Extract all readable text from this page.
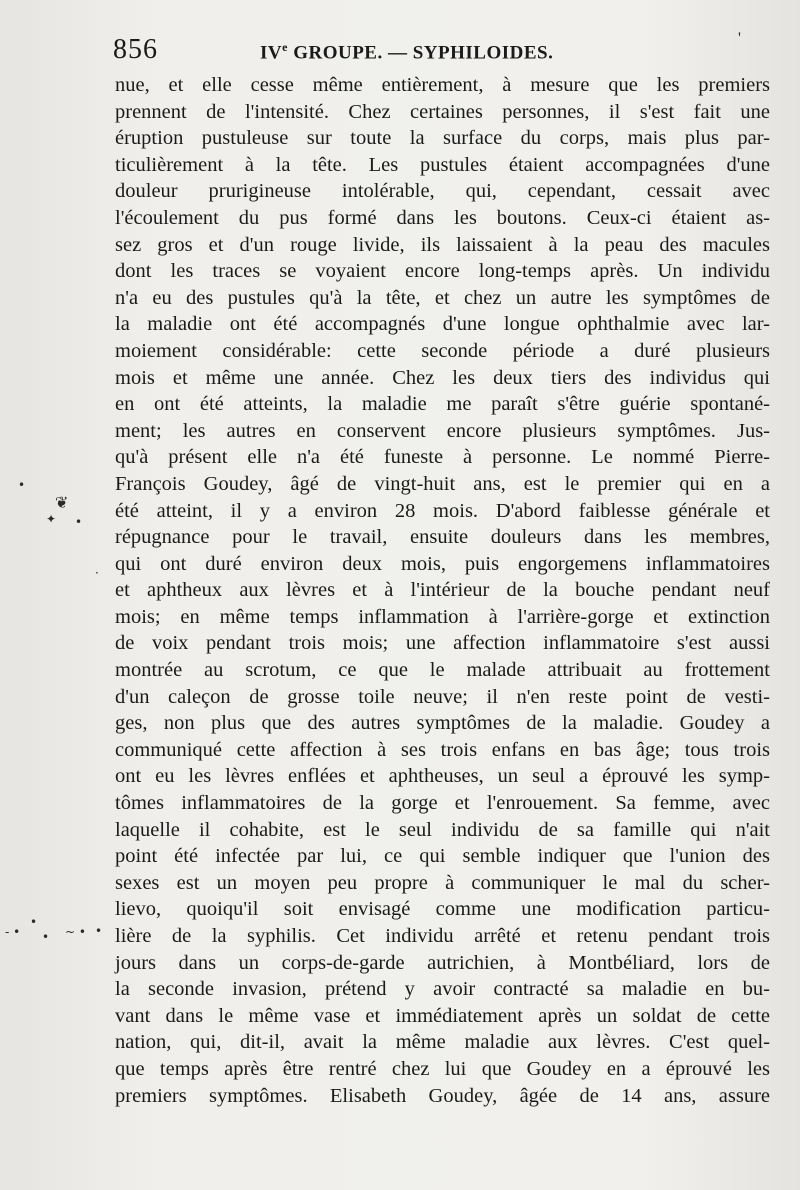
856	IVe GROUPE. — SYPHILOIDES.
'
•
❦
✦ •
·
- •
•
• ~ • •
nue, et elle cesse même entièrement, à mesure que les premiers
prennent de l'intensité. Chez certaines personnes, il s'est fait une
éruption pustuleuse sur toute la surface du corps, mais plus par-
ticulièrement à la tête. Les pustules étaient accompagnées d'une
douleur prurigineuse intolérable, qui, cependant, cessait avec
l'écoulement du pus formé dans les boutons. Ceux-ci étaient as-
sez gros et d'un rouge livide, ils laissaient à la peau des macules
dont les traces se voyaient encore long-temps après. Un individu
n'a eu des pustules qu'à la tête, et chez un autre les symptômes de
la maladie ont été accompagnés d'une longue ophthalmie avec lar-
moiement considérable: cette seconde période a duré plusieurs
mois et même une année. Chez les deux tiers des individus qui
en ont été atteints, la maladie me paraît s'être guérie spontané-
ment; les autres en conservent encore plusieurs symptômes. Jus-
qu'à présent elle n'a été funeste à personne. Le nommé Pierre-
François Goudey, âgé de vingt-huit ans, est le premier qui en a
été atteint, il y a environ 28 mois. D'abord faiblesse générale et
répugnance pour le travail, ensuite douleurs dans les membres,
qui ont duré environ deux mois, puis engorgemens inflammatoires
et aphtheux aux lèvres et à l'intérieur de la bouche pendant neuf
mois; en même temps inflammation à l'arrière-gorge et extinction
de voix pendant trois mois; une affection inflammatoire s'est aussi
montrée au scrotum, ce que le malade attribuait au frottement
d'un caleçon de grosse toile neuve; il n'en reste point de vesti-
ges, non plus que des autres symptômes de la maladie. Goudey a
communiqué cette affection à ses trois enfans en bas âge; tous trois
ont eu les lèvres enflées et aphtheuses, un seul a éprouvé les symp-
tômes inflammatoires de la gorge et l'enrouement. Sa femme, avec
laquelle il cohabite, est le seul individu de sa famille qui n'ait
point été infectée par lui, ce qui semble indiquer que l'union des
sexes est un moyen peu propre à communiquer le mal du scher-
lievo, quoiqu'il soit envisagé comme une modification particu-
lière de la syphilis. Cet individu arrêté et retenu pendant trois
jours dans un corps-de-garde autrichien, à Montbéliard, lors de
la seconde invasion, prétend y avoir contracté sa maladie en bu-
vant dans le même vase et immédiatement après un soldat de cette
nation, qui, dit-il, avait la même maladie aux lèvres. C'est quel-
que temps après être rentré chez lui que Goudey en a éprouvé les
premiers symptômes. Elisabeth Goudey, âgée de 14 ans, assure
